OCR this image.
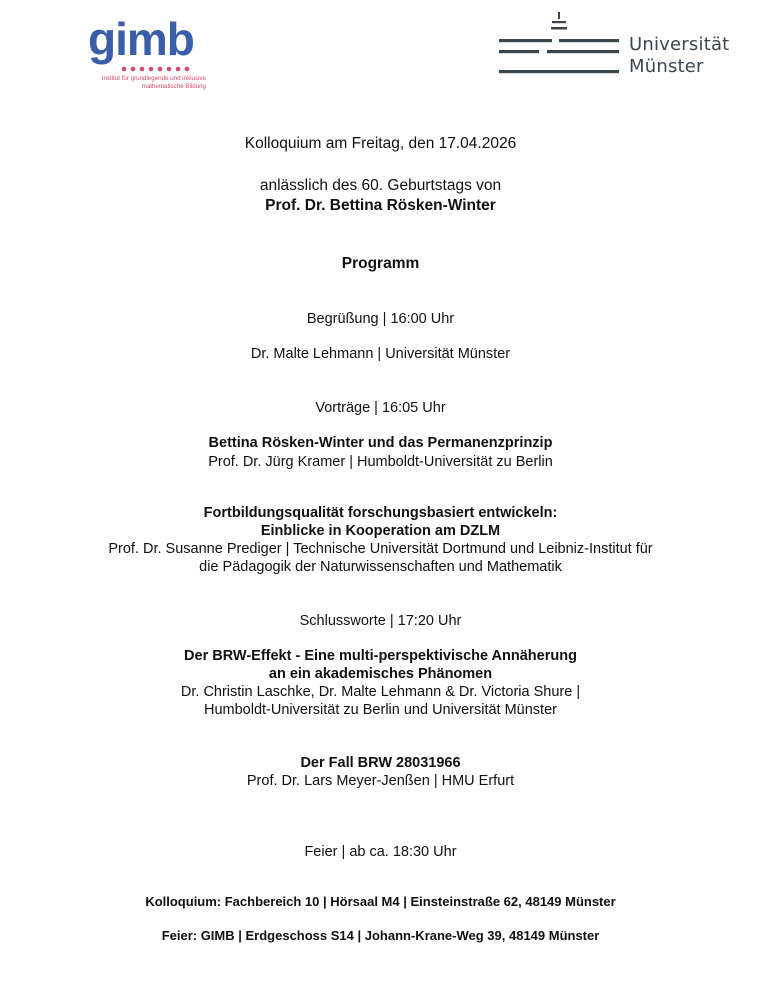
gimb
Institut für grundlegende und inklusive
mathematische Bildung
Universität
Münster
Kolloquium am Freitag, den 17.04.2026
anlässlich des 60. Geburtstags von
Prof. Dr. Bettina Rösken-Winter
Programm
Begrüßung | 16:00 Uhr
Dr. Malte Lehmann | Universität Münster
Vorträge | 16:05 Uhr
Bettina Rösken-Winter und das Permanenzprinzip
Prof. Dr. Jürg Kramer | Humboldt-Universität zu Berlin
Fortbildungsqualität forschungsbasiert entwickeln:
Einblicke in Kooperation am DZLM
Prof. Dr. Susanne Prediger | Technische Universität Dortmund und Leibniz-Institut für
die Pädagogik der Naturwissenschaften und Mathematik
Schlussworte | 17:20 Uhr
Der BRW-Effekt - Eine multi-perspektivische Annäherung
an ein akademisches Phänomen
Dr. Christin Laschke, Dr. Malte Lehmann & Dr. Victoria Shure |
Humboldt-Universität zu Berlin und Universität Münster
Der Fall BRW 28031966
Prof. Dr. Lars Meyer-Jenßen | HMU Erfurt
Feier | ab ca. 18:30 Uhr
Kolloquium: Fachbereich 10 | Hörsaal M4 | Einsteinstraße 62, 48149 Münster
Feier: GIMB | Erdgeschoss S14 | Johann-Krane-Weg 39, 48149 Münster
